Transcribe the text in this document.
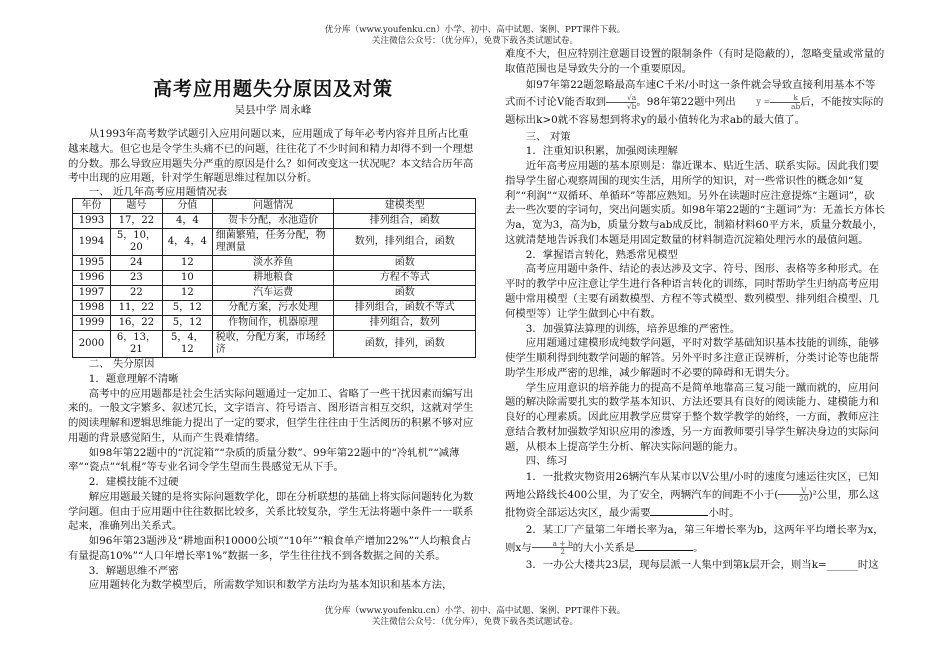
优分库（www.youfenku.cn）小学、初中、高中试题、案例、PPT课件下载。
关注微信公众号：（优分库），免费下载各类试题试卷。
高考应用题失分原因及对策
吴县中学 周永峰

从1993年高考数学试题引入应用问题以来，应用题成了每年必考内容并且所占比重越来越大。但它也是令学生头痛不已的问题，往往花了不少时间和精力却得不到一个理想的分数。那么导致应用题失分严重的原因是什么？如何改变这一状况呢？本文结合历年高考中出现的应用题，针对学生解题思维过程加以分析。

一、 近几年高考应用题情况表

年份	题号	分值	问题情况	建模类型
1993	17，22	4，4	贺卡分配，水池造价	排列组合，函数
1994	5，10，20	4，4，4	细菌繁殖，任务分配，物理测量	数列，排列组合，函数
1995	24	12	淡水养鱼	函数
1996	23	10	耕地粮食	方程不等式
1997	22	12	汽车运费	函数
1998	11，22	5，12	分配方案，污水处理	排列组合，函数不等式
1999	16，22	5，12	作物间作，机器原理	排列组合，数列
2000	6，13，21	5，4，12	税收，分配方案，市场经济	函数，排列，函数

二、 失分原因

1．题意理解不清晰

高考中的应用题都是社会生活实际问题通过一定加工、省略了一些干扰因素而编写出来的。一般文字繁多、叙述冗长，文字语言、符号语言、图形语言相互交织，这就对学生的阅读理解和逻辑思维能力提出了一定的要求，但学生往往由于生活阅历的积累不够对应用题的背景感觉陌生，从而产生畏难情绪。

如98年第22题中的“沉淀箱”“杂质的质量分数”、99年第22题中的“冷轧机”“减薄率”“瓷点”“轧棍”等专业名词令学生望而生畏感觉无从下手。

2．建模技能不过硬

解应用题最关键的是将实际问题数学化，即在分析联想的基础上将实际问题转化为数学问题。但由于应用题中往往数据比较多，关系比较复杂，学生无法将题中条件一一联系起来，准确列出关系式。

如96年第23题涉及“耕地面积10000公顷”“10年”“粮食单产增加22%”“人均粮食占有量提高10%”“人口年增长率1%”数据一多，学生往往找不到各数据之间的关系。

3．解题思维不严密

应用题转化为数学模型后，所需数学知识和数学方法均为基本知识和基本方法，

难度不大，但应特别注意题目设置的限制条件（有时是隐蔽的），忽略变量或常量的取值范围也是导致失分的一个重要原因。

如97年第22题忽略最高车速C千米/小时这一条件就会导致直接利用基本不等式而不讨论V能否取到 $\frac{√a}{√b}$ 。98年第22题中列出	$y = \frac{k}{ab}$ 后，不能按实际的题标出k>0就不容易想到将求y的最小值转化为求ab的最大值了。

三、 对策

1．注重知识积累，加强阅读理解

近年高考应用题的基本原则是：靠近课本、贴近生活、联系实际。因此我们要指导学生留心观察周围的现实生活，用所学的知识，对一些常识性的概念如“复利”“利润”“双循环、单循环”等都应熟知。另外在读题时应注意提炼“主题词”，砍去一些次要的字词句，突出问题实质。如98年第22题的“主题词”为：无盖长方体长为a，宽为3，高为b，质量分数与ab成反比，制箱材料60平方米，质量分数最小，这就清楚地告诉我们本题是用固定数量的材料制造沉淀箱处理污水的最值问题。

2．掌握语言转化，熟悉常见模型

高考应用题中条件、结论的表达涉及文字、符号、图形、表格等多种形式。在平时的教学中应注意让学生进行各种语言转化的训练，同时帮助学生归纳高考应用题中常用模型（主要有函数模型、方程不等式模型、数列模型、排列组合模型、几何模型等）让学生做到心中有数。

3．加强算法算理的训练，培养思维的严密性。

应用题通过建模形成纯数学问题，平时对数学基础知识基本技能的训练，能够使学生顺利得到纯数学问题的解答。另外平时多注意正误辨析，分类讨论等也能帮助学生形成严密的思维，减少解题时不必要的障碍和无谓失分。

学生应用意识的培养能力的提高不是简单地靠高三复习能一蹴而就的，应用问题的解决除需要扎实的数学基本知识、方法还要具有良好的阅读能力、建模能力和良好的心理素质。因此应用教学应贯穿于整个数学教学的始终，一方面，教师应注意结合教材加强数学知识应用的渗透，另一方面教师要引导学生解决身边的实际问题，从根本上提高学生分析、解决实际问题的能力。

四、练习

1．一批救灾物资用26辆汽车从某市以V公里/小时的速度匀速运往灾区，已知两地公路线长400公里，为了安全，两辆汽车的间距不小于( $\frac{V}{20} )^2$公里，那么这批物资全部运达灾区，最少需要	小时。

2．某工厂产量第二年增长率为a，第三年增长率为b，这两年平均增长率为x，则x与 $\frac{a + b}{2}$ 的大小关系是	。

3．一办公大楼共23层，现每层派一人集中到第k层开会，则当k=______时这

优分库（www.youfenku.cn）小学、初中、高中试题、案例、PPT课件下载。
关注微信公众号：（优分库），免费下载各类试题试卷。
